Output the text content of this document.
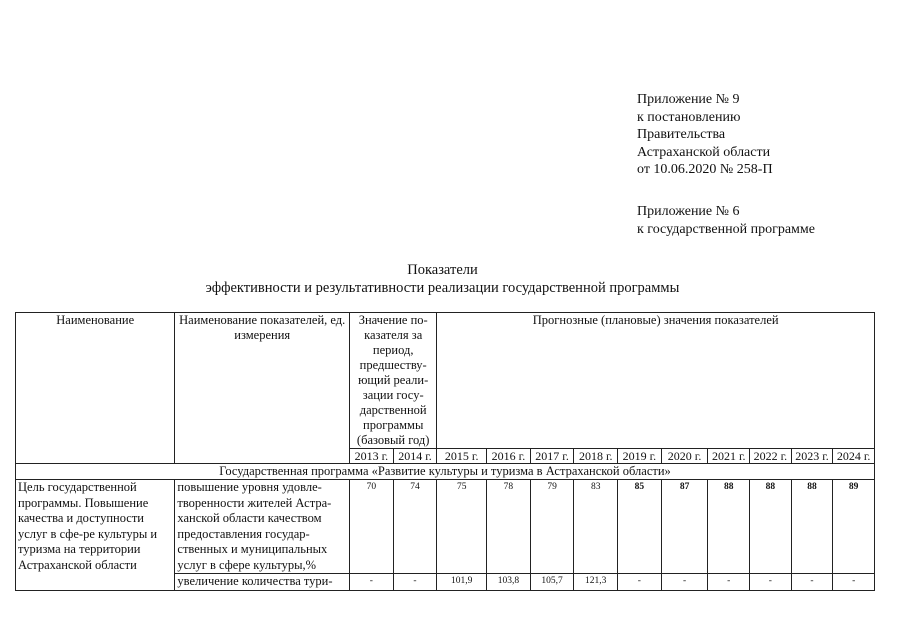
Приложение № 9
к постановлению
Правительства
Астраханской области
от 10.06.2020 № 258-П
Приложение № 6
к государственной программе
Показатели
эффективности и результативности реализации государственной программы
Наименование	Наименование показателей, ед. измерения	Значение по-казателя за период, предшеству-ющий реали-зации госу-дарственной программы (базовый год)		Прогнозные (плановые) значения показателей									
		2013 г.	2014 г.	2015 г.	2016 г.	2017 г.	2018 г.	2019 г.	2020 г.	2021 г.	2022 г.	2023 г.	2024 г.
Государственная программа «Развитие культуры и туризма в Астраханской области»													
Цель государственной программы. Повышение качества и доступности услуг в сфе-ре культуры и туризма на территории Астраханской области	повышение уровня удовле-творенности жителей Астра-ханской области качеством предоставления государ-ственных и муниципальных услуг в сфере культуры,%	70	74	75	78	79	83	85	87	88	88	88	89
	увеличение количества тури-	-	-	101,9	103,8	105,7	121,3	-	-	-	-	-	-
